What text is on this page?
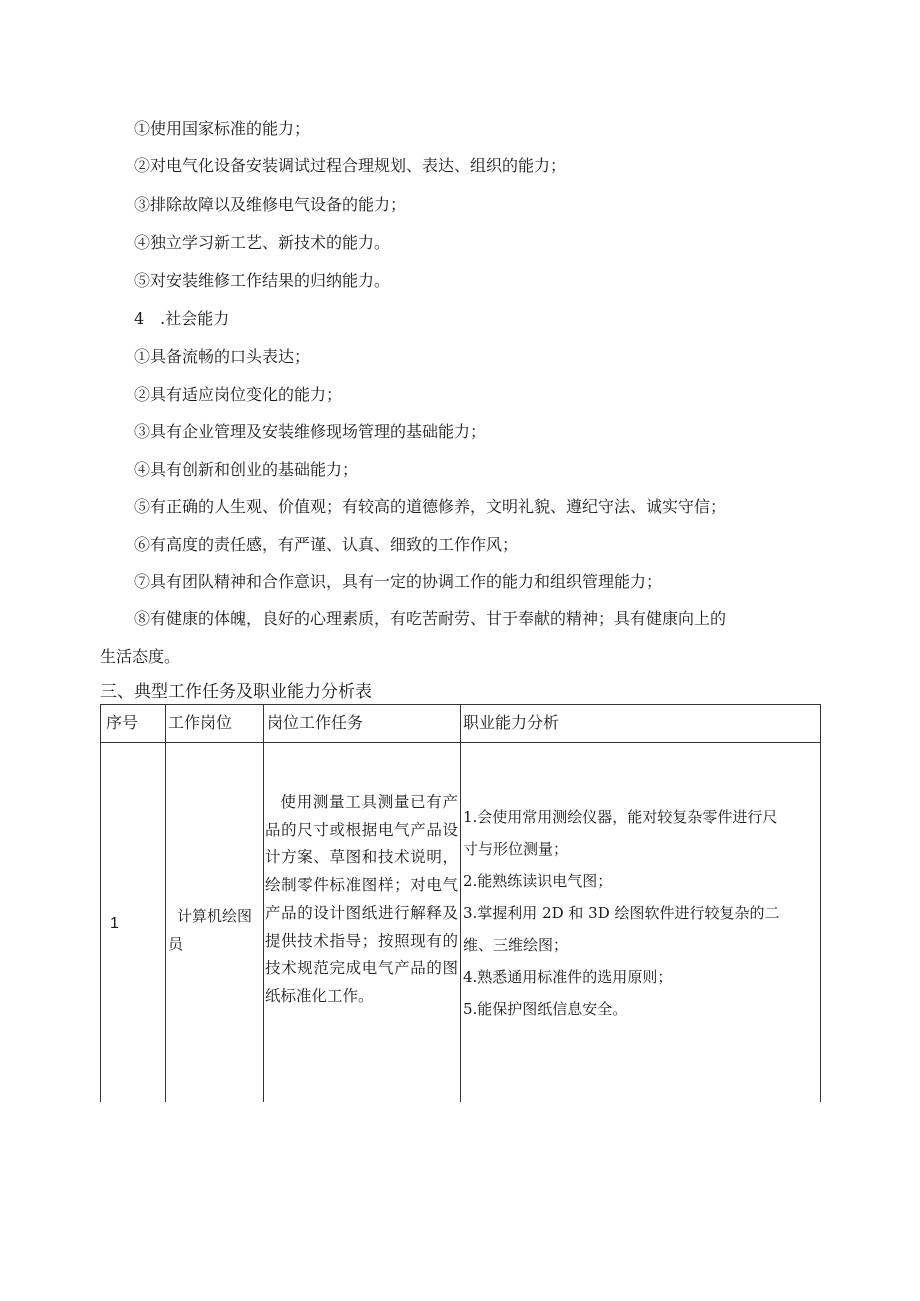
①使用国家标准的能力；
②对电气化设备安装调试过程合理规划、表达、组织的能力；
③排除故障以及维修电气设备的能力；
④独立学习新工艺、新技术的能力。
⑤对安装维修工作结果的归纳能力。
4　.社会能力
①具备流畅的口头表达；
②具有适应岗位变化的能力；
③具有企业管理及安装维修现场管理的基础能力；
④具有创新和创业的基础能力；
⑤有正确的人生观、价值观；有较高的道德修养，文明礼貌、遵纪守法、诚实守信；
⑥有高度的责任感，有严谨、认真、细致的工作作风；
⑦具有团队精神和合作意识，具有一定的协调工作的能力和组织管理能力；
⑧有健康的体魄，良好的心理素质，有吃苦耐劳、甘于奉献的精神；具有健康向上的
生活态度。
三、典型工作任务及职业能力分析表
序号 工作岗位 岗位工作任务	职业能力分析
1	计算机绘图
员
使用测量工具测量已有产品的尺寸或根据电气产品设计方案、草图和技术说明，绘制零件标准图样；对电气产品的设计图纸进行解释及提供技术指导；按照现有的技术规范完成电气产品的图纸标准化工作。
1.会使用常用测绘仪器，能对较复杂零件进行尺
寸与形位测量；
2.能熟练读识电气图；
3.掌握利用 2D 和 3D 绘图软件进行较复杂的二
维、三维绘图；
4.熟悉通用标准件的选用原则；
5.能保护图纸信息安全。
